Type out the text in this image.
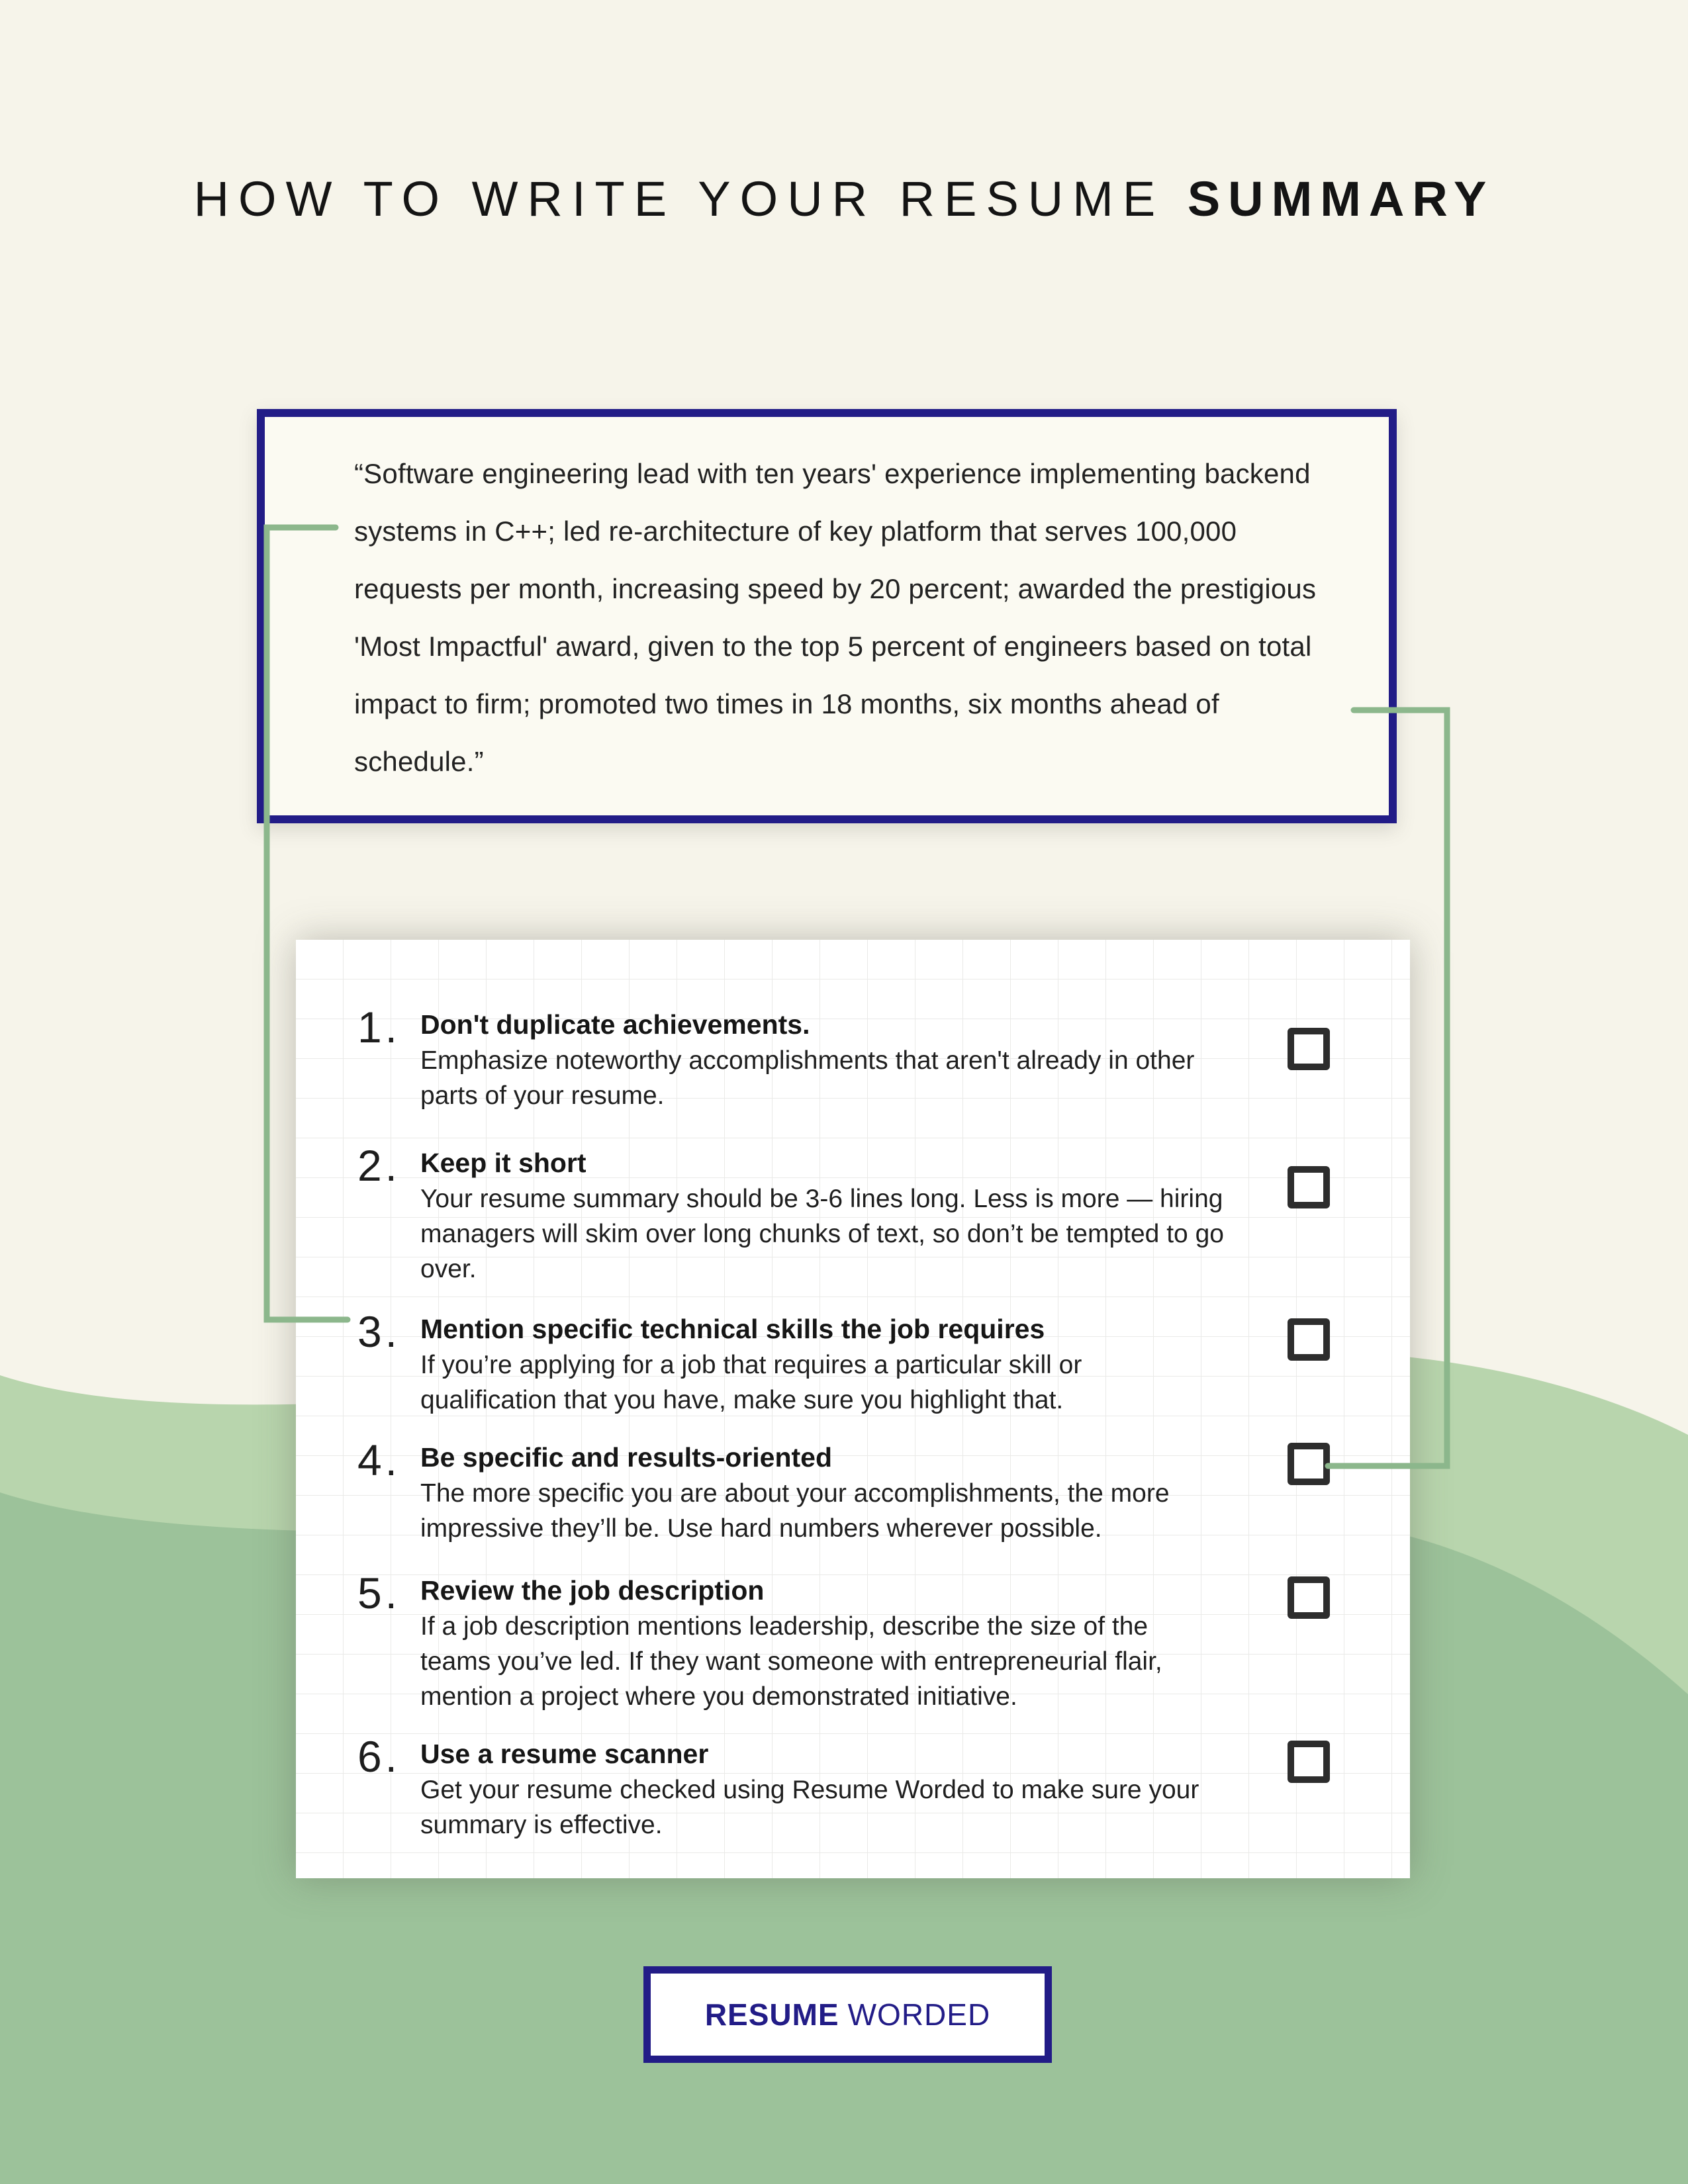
HOW TO WRITE YOUR RESUME SUMMARY
“Software engineering lead with ten years' experience implementing backend systems in C++; led re-architecture of key platform that serves 100,000 requests per month, increasing speed by 20 percent; awarded the prestigious 'Most Impactful' award, given to the top 5 percent of engineers based on total impact to firm; promoted two times in 18 months, six months ahead of schedule.”
1. Don't duplicate achievements.
Emphasize noteworthy accomplishments that aren't already in other parts of your resume.
2. Keep it short
Your resume summary should be 3-6 lines long. Less is more — hiring managers will skim over long chunks of text, so don’t be tempted to go over.
3. Mention specific technical skills the job requires
If you’re applying for a job that requires a particular skill or qualification that you have, make sure you highlight that.
4. Be specific and results-oriented
The more specific you are about your accomplishments, the more impressive they’ll be. Use hard numbers wherever possible.
5. Review the job description
If a job description mentions leadership, describe the size of the teams you’ve led. If they want someone with entrepreneurial flair, mention a project where you demonstrated initiative.
6. Use a resume scanner
Get your resume checked using Resume Worded to make sure your summary is effective.
RESUME WORDED
